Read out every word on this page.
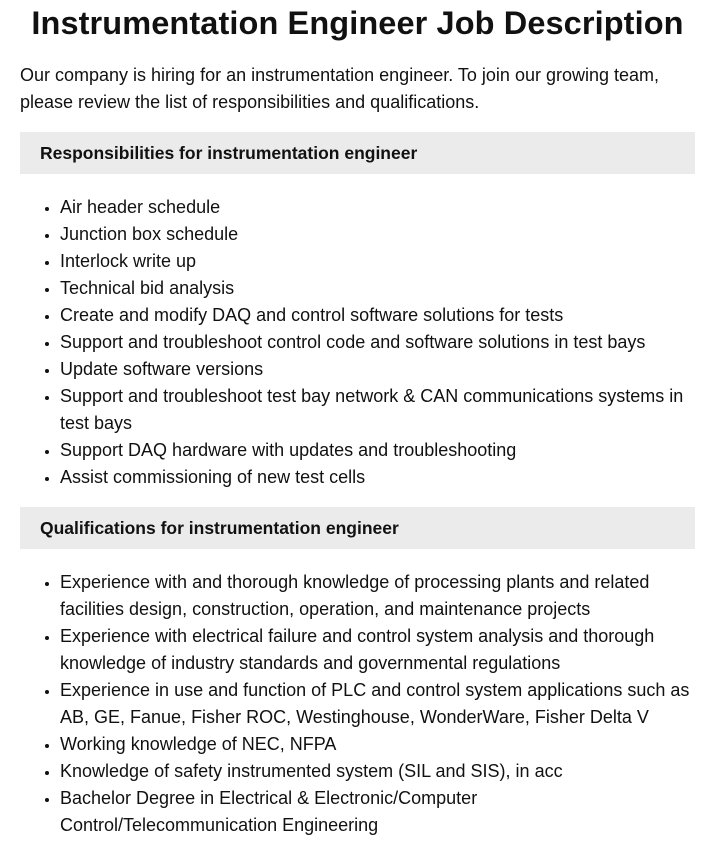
Instrumentation Engineer Job Description

Our company is hiring for an instrumentation engineer. To join our growing team, please review the list of responsibilities and qualifications.

Responsibilities for instrumentation engineer
• Air header schedule
• Junction box schedule
• Interlock write up
• Technical bid analysis
• Create and modify DAQ and control software solutions for tests
• Support and troubleshoot control code and software solutions in test bays
• Update software versions
• Support and troubleshoot test bay network & CAN communications systems in test bays
• Support DAQ hardware with updates and troubleshooting
• Assist commissioning of new test cells
Qualifications for instrumentation engineer
• Experience with and thorough knowledge of processing plants and related facilities design, construction, operation, and maintenance projects
• Experience with electrical failure and control system analysis and thorough knowledge of industry standards and governmental regulations
• Experience in use and function of PLC and control system applications such as AB, GE, Fanue, Fisher ROC, Westinghouse, WonderWare, Fisher Delta V
• Working knowledge of NEC, NFPA
• Knowledge of safety instrumented system (SIL and SIS), in acc
• Bachelor Degree in Electrical & Electronic/Computer Control/Telecommunication Engineering
